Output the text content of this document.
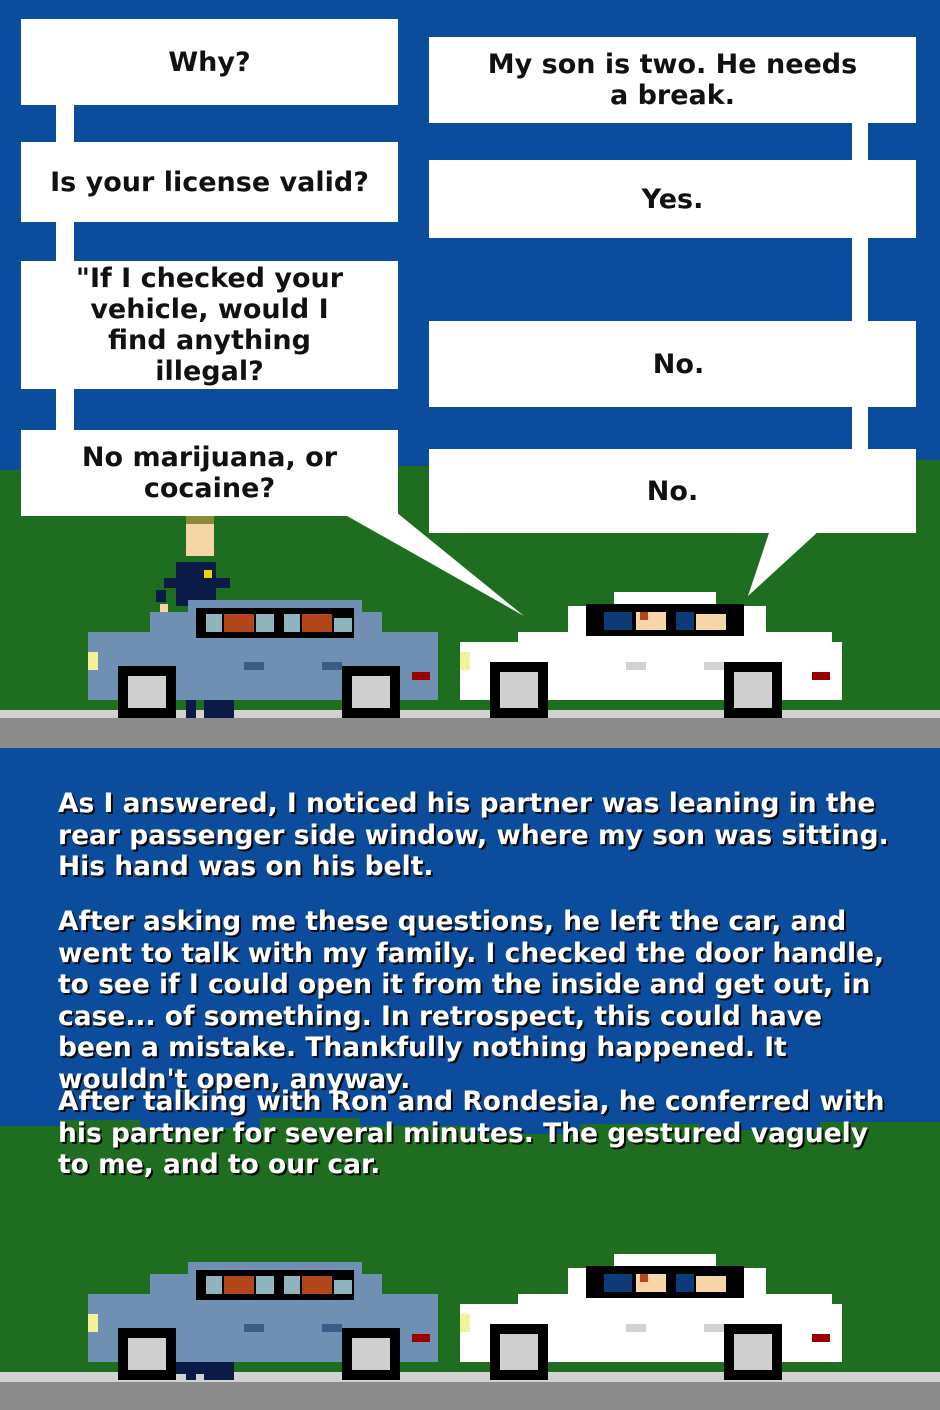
Why?
Is your license valid?
"If I checked your vehicle, would I find anything illegal?
No marijuana, or cocaine?
My son is two. He needs a break.
Yes.
No.
No.

As I answered, I noticed his partner was leaning in the rear passenger side window, where my son was sitting. His hand was on his belt.

After asking me these questions, he left the car, and went to talk with my family. I checked the door handle, to see if I could open it from the inside and get out, in case... of something. In retrospect, this could have been a mistake. Thankfully nothing happened. It wouldn't open, anyway.

After talking with Ron and Rondesia, he conferred with his partner for several minutes. The gestured vaguely to me, and to our car.
